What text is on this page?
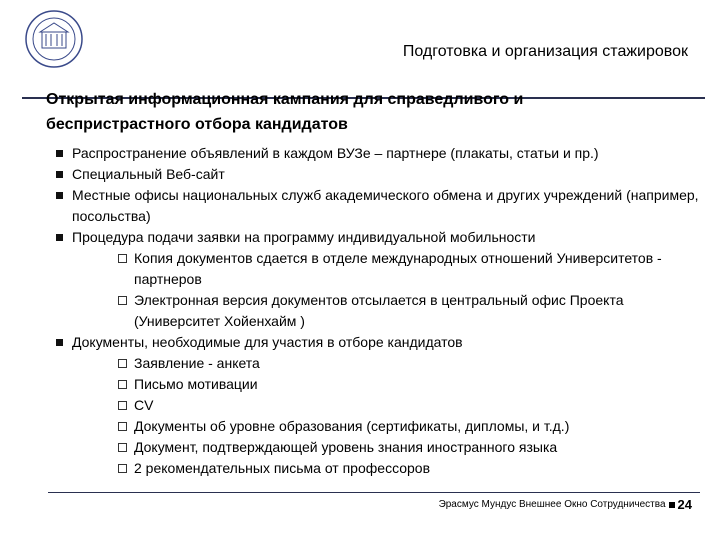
Подготовка и организация стажировок
Открытая информационная кампания для справедливого и
беспристрастного отбора кандидатов
Распространение объявлений в каждом ВУЗе – партнере (плакаты, статьи и пр.)
Специальный Веб-сайт
Местные офисы национальных служб академического обмена и других учреждений (например, посольства)
Процедура подачи заявки на программу индивидуальной мобильности
Копия документов сдается в отделе международных отношений Университетов - партнеров
Электронная версия документов отсылается в центральный офис Проекта (Университет Хойенхайм )
Документы, необходимые для участия в отборе кандидатов
Заявление - анкета
Письмо мотивации
CV
Документы об уровне образования (сертификаты, дипломы, и т.д.)
Документ, подтверждающей уровень знания иностранного языка
2 рекомендательных письма от профессоров
Эрасмус Мундус Внешнее Окно Сотрудничества 24
